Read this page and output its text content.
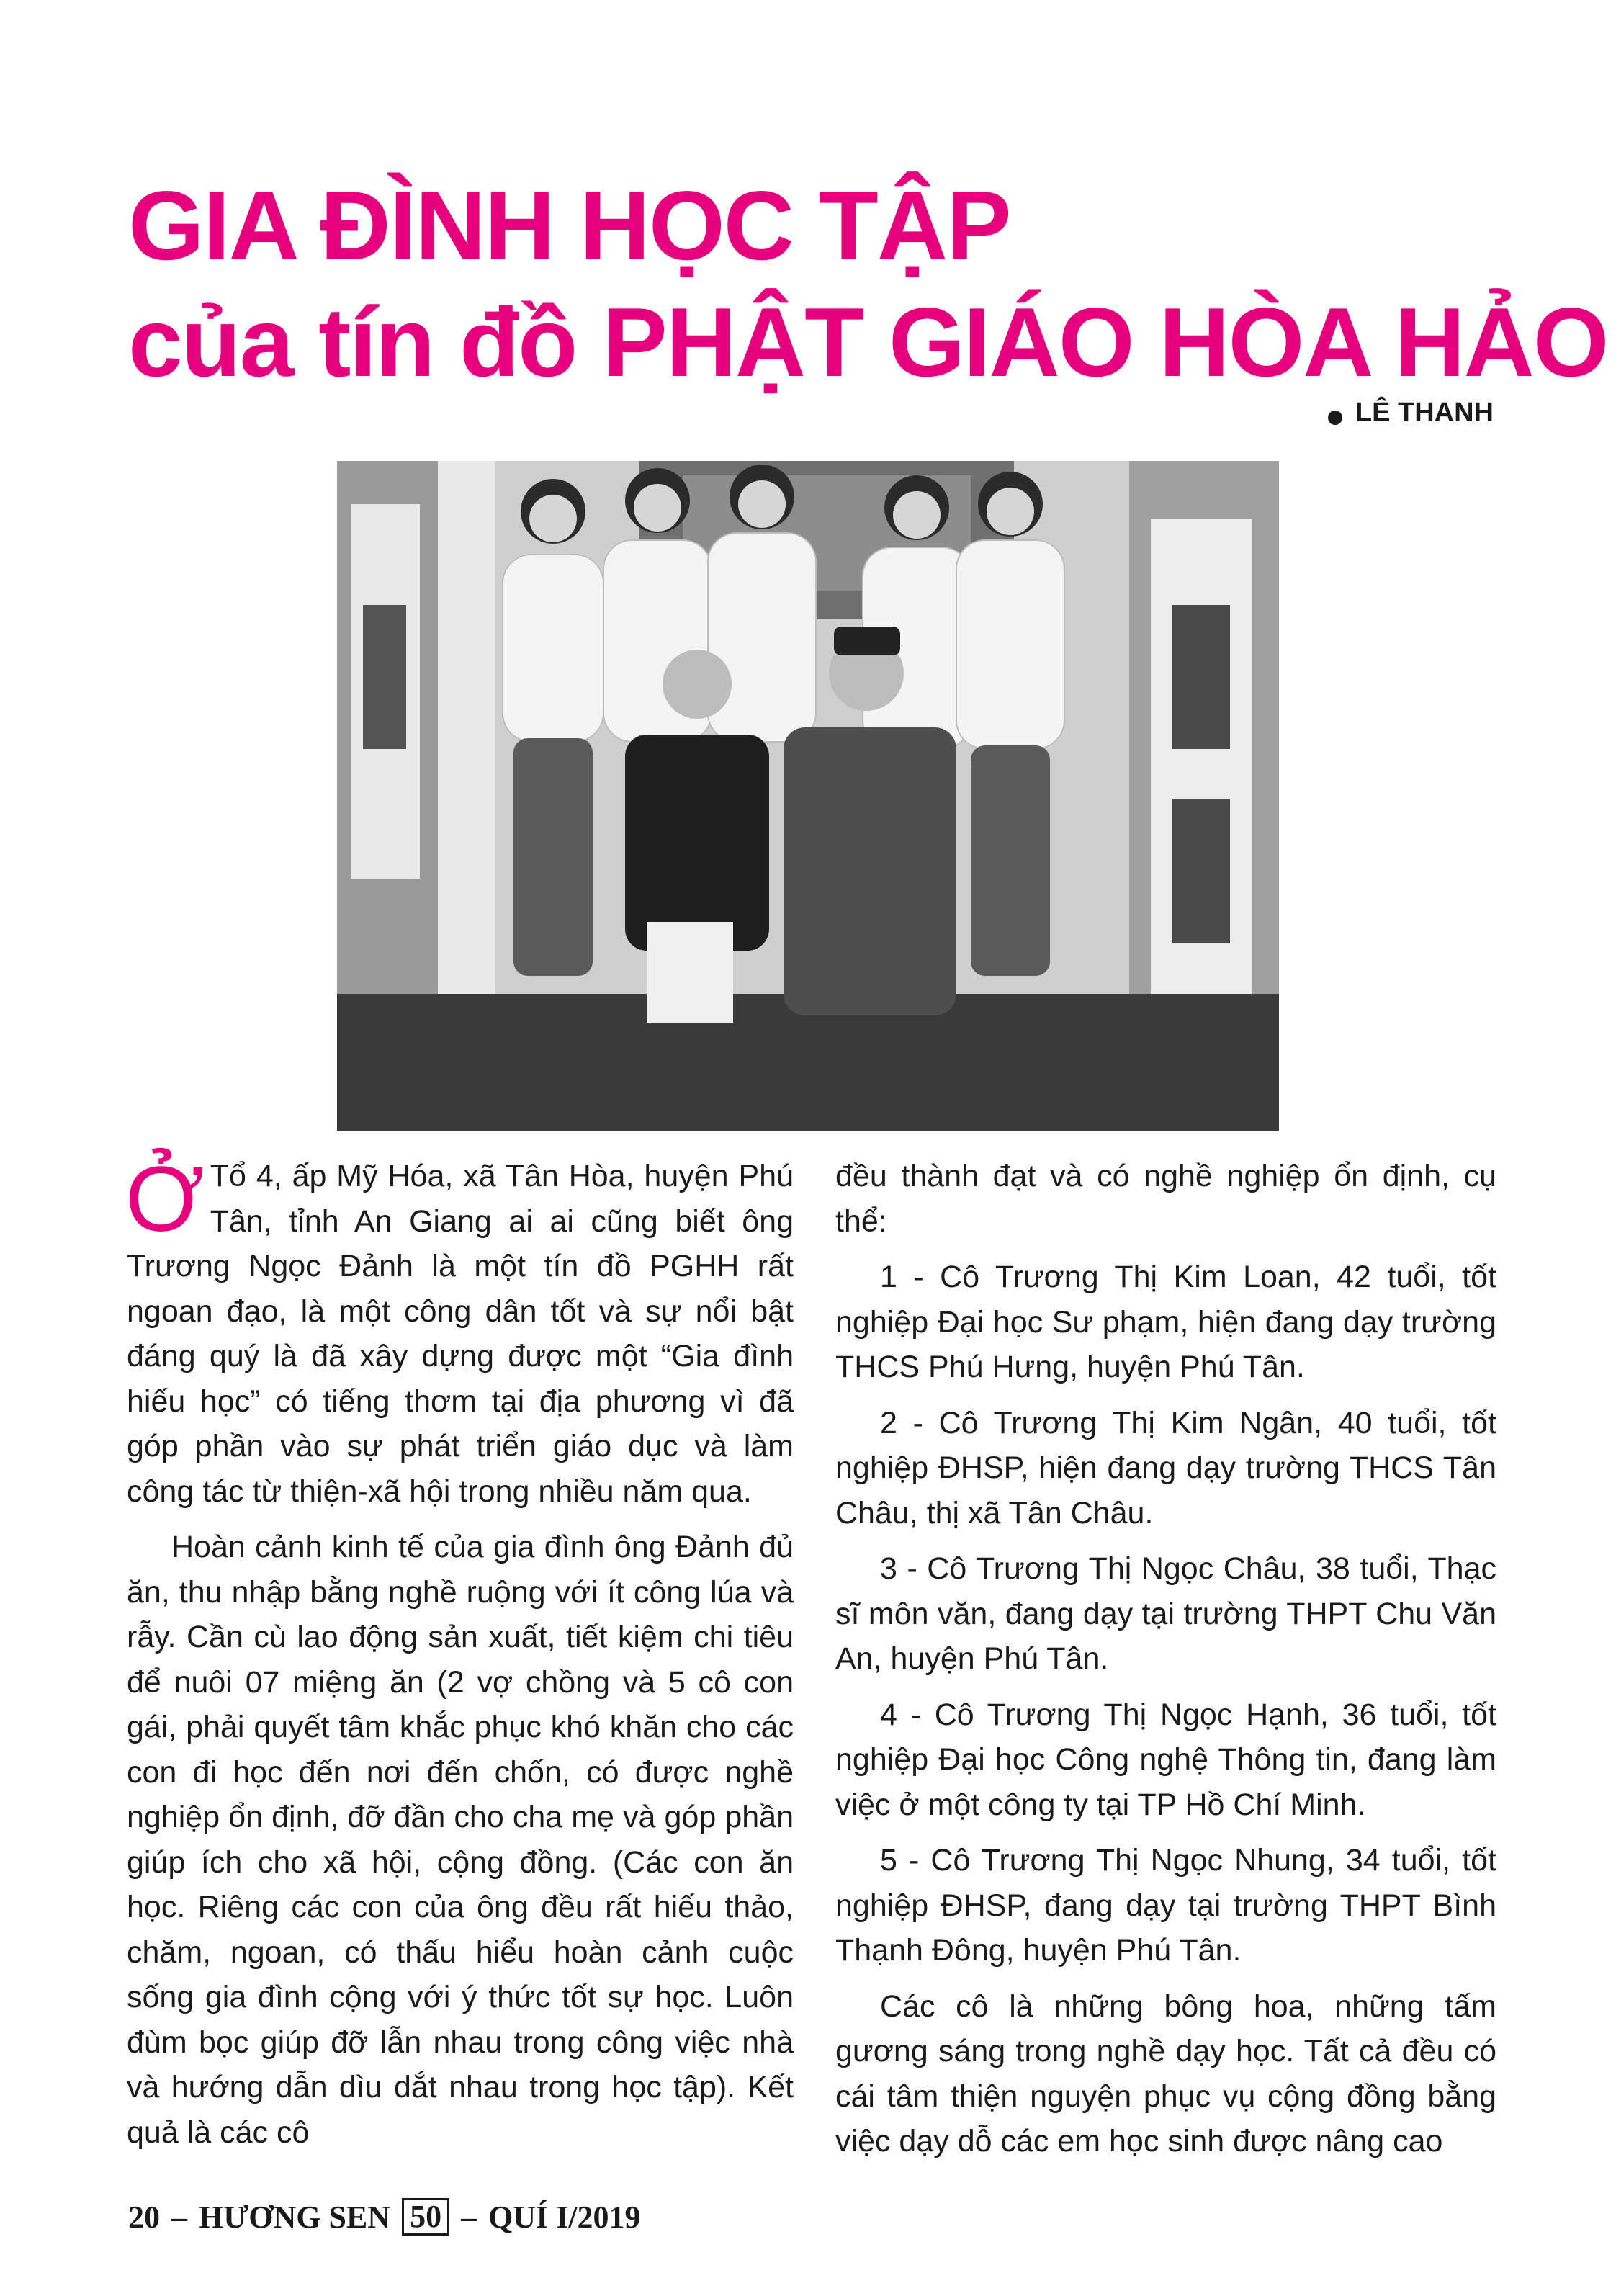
GIA ĐÌNH HỌC TẬP
của tín đồ PHẬT GIÁO HÒA HẢO
LÊ THANH

Ở Tổ 4, ấp Mỹ Hóa, xã Tân Hòa, huyện Phú Tân, tỉnh An Giang ai ai cũng biết ông Trương Ngọc Đảnh là một tín đồ PGHH rất ngoan đạo, là một công dân tốt và sự nổi bật đáng quý là đã xây dựng được một “Gia đình hiếu học” có tiếng thơm tại địa phương vì đã góp phần vào sự phát triển giáo dục và làm công tác từ thiện-xã hội trong nhiều năm qua.

Hoàn cảnh kinh tế của gia đình ông Đảnh đủ ăn, thu nhập bằng nghề ruộng với ít công lúa và rẫy. Cần cù lao động sản xuất, tiết kiệm chi tiêu để nuôi 07 miệng ăn (2 vợ chồng và 5 cô con gái, phải quyết tâm khắc phục khó khăn cho các con đi học đến nơi đến chốn, có được nghề nghiệp ổn định, đỡ đần cho cha mẹ và góp phần giúp ích cho xã hội, cộng đồng. (Các con ăn học. Riêng các con của ông đều rất hiếu thảo, chăm, ngoan, có thấu hiểu hoàn cảnh cuộc sống gia đình cộng với ý thức tốt sự học. Luôn đùm bọc giúp đỡ lẫn nhau trong công việc nhà và hướng dẫn dìu dắt nhau trong học tập). Kết quả là các cô

đều thành đạt và có nghề nghiệp ổn định, cụ thể:

1 - Cô Trương Thị Kim Loan, 42 tuổi, tốt nghiệp Đại học Sư phạm, hiện đang dạy trường THCS Phú Hưng, huyện Phú Tân.

2 - Cô Trương Thị Kim Ngân, 40 tuổi, tốt nghiệp ĐHSP, hiện đang dạy trường THCS Tân Châu, thị xã Tân Châu.

3 - Cô Trương Thị Ngọc Châu, 38 tuổi, Thạc sĩ môn văn, đang dạy tại trường THPT Chu Văn An, huyện Phú Tân.

4 - Cô Trương Thị Ngọc Hạnh, 36 tuổi, tốt nghiệp Đại học Công nghệ Thông tin, đang làm việc ở một công ty tại TP Hồ Chí Minh.

5 - Cô Trương Thị Ngọc Nhung, 34 tuổi, tốt nghiệp ĐHSP, đang dạy tại trường THPT Bình Thạnh Đông, huyện Phú Tân.

Các cô là những bông hoa, những tấm gương sáng trong nghề dạy học. Tất cả đều có cái tâm thiện nguyện phục vụ cộng đồng bằng việc dạy dỗ các em học sinh được nâng cao

20 – HƯƠNG SEN 50 – QUÍ I/2019
